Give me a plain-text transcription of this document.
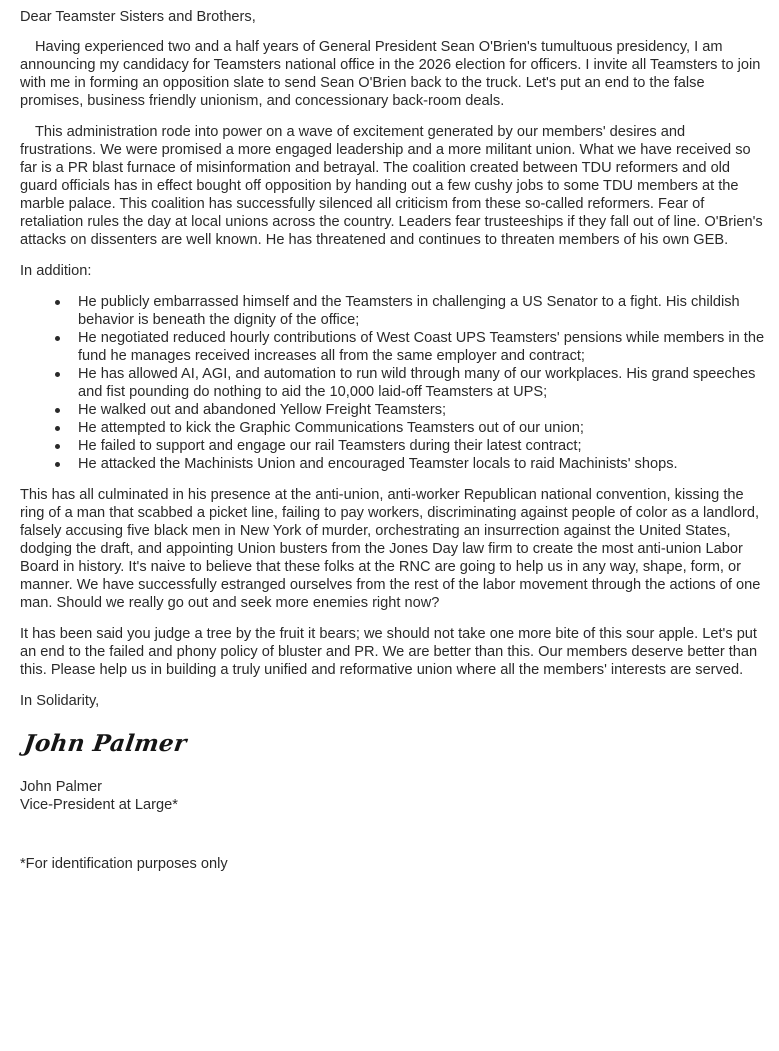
Dear Teamster Sisters and Brothers,

Having experienced two and a half years of General President Sean O'Brien's tumultuous presidency, I am announcing my candidacy for Teamsters national office in the 2026 election for officers. I invite all Teamsters to join with me in forming an opposition slate to send Sean O'Brien back to the truck. Let's put an end to the false promises, business friendly unionism, and concessionary back-room deals.

This administration rode into power on a wave of excitement generated by our members' desires and frustrations. We were promised a more engaged leadership and a more militant union. What we have received so far is a PR blast furnace of misinformation and betrayal. The coalition created between TDU reformers and old guard officials has in effect bought off opposition by handing out a few cushy jobs to some TDU members at the marble palace. This coalition has successfully silenced all criticism from these so-called reformers. Fear of retaliation rules the day at local unions across the country. Leaders fear trusteeships if they fall out of line. O'Brien's attacks on dissenters are well known. He has threatened and continues to threaten members of his own GEB.

In addition:

He publicly embarrassed himself and the Teamsters in challenging a US Senator to a fight. His childish behavior is beneath the dignity of the office;
He negotiated reduced hourly contributions of West Coast UPS Teamsters' pensions while members in the fund he manages received increases all from the same employer and contract;
He has allowed AI, AGI, and automation to run wild through many of our workplaces. His grand speeches and fist pounding do nothing to aid the 10,000 laid-off Teamsters at UPS;
He walked out and abandoned Yellow Freight Teamsters;
He attempted to kick the Graphic Communications Teamsters out of our union;
He failed to support and engage our rail Teamsters during their latest contract;
He attacked the Machinists Union and encouraged Teamster locals to raid Machinists' shops.

This has all culminated in his presence at the anti-union, anti-worker Republican national convention, kissing the ring of a man that scabbed a picket line, failing to pay workers, discriminating against people of color as a landlord, falsely accusing five black men in New York of murder, orchestrating an insurrection against the United States, dodging the draft, and appointing Union busters from the Jones Day law firm to create the most anti-union Labor Board in history. It's naive to believe that these folks at the RNC are going to help us in any way, shape, form, or manner. We have successfully estranged ourselves from the rest of the labor movement through the actions of one man. Should we really go out and seek more enemies right now?

It has been said you judge a tree by the fruit it bears; we should not take one more bite of this sour apple. Let's put an end to the failed and phony policy of bluster and PR. We are better than this. Our members deserve better than this. Please help us in building a truly unified and reformative union where all the members' interests are served.

In Solidarity,

John Palmer

John Palmer

Vice-President at Large*

*For identification purposes only
